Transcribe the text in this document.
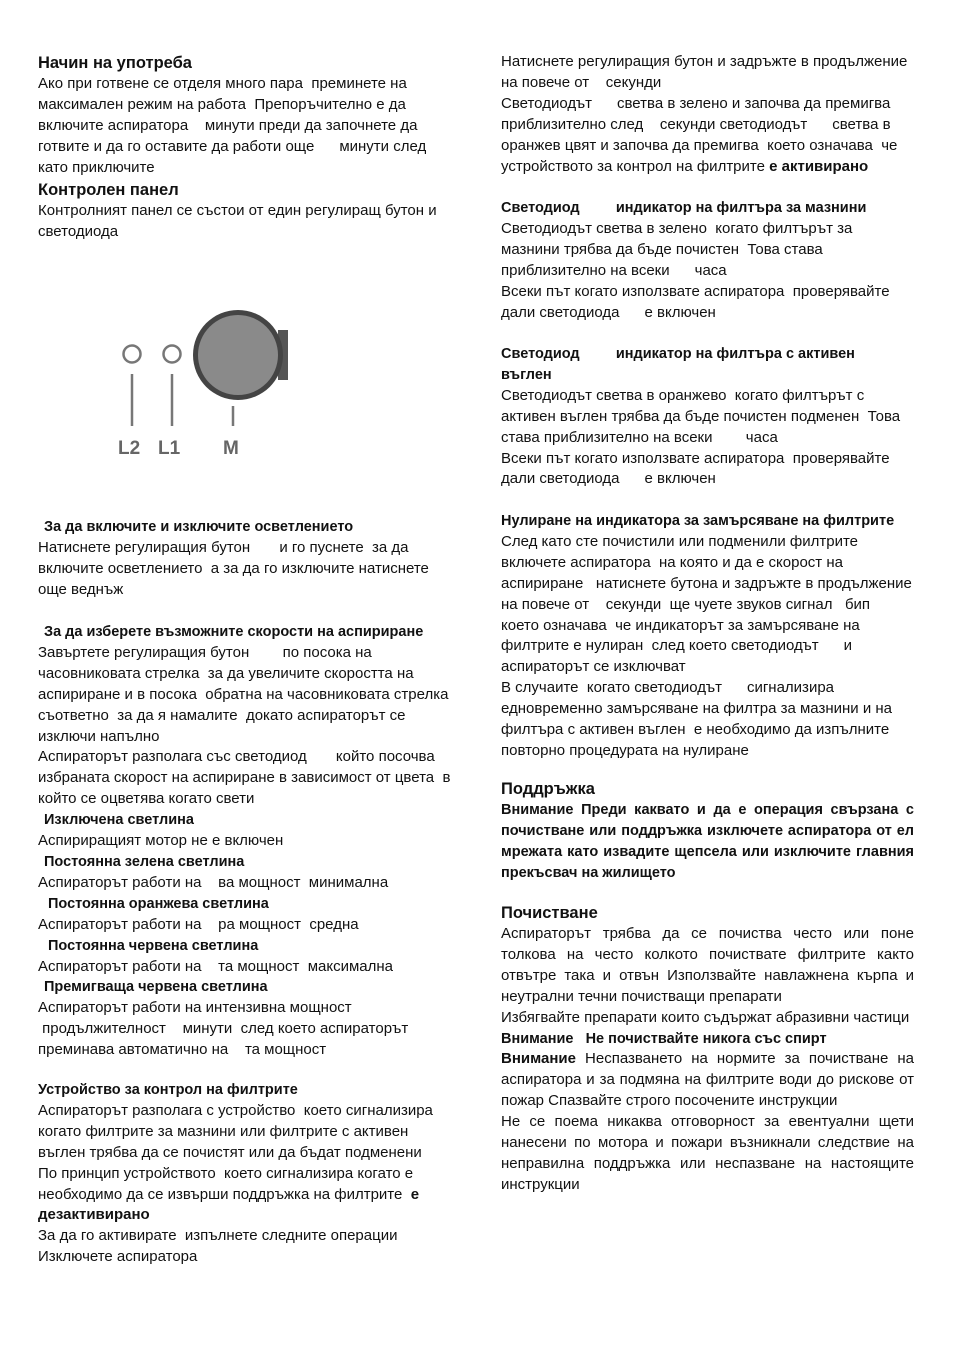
Начин на употреба
Ако при готвене се отделя много пара  преминете на
максимален режим на работа  Препоръчително е да
включите аспиратора    минути преди да започнете да
готвите и да го оставите да работи още      минути след
като приключите
Контролен панел
Контролният панел се състои от един регулиращ бутон и
светодиода
L2 L1 M
За да включите и изключите осветлението
Натиснете регулиращия бутон       и го пуснете  за да
включите осветлението  а за да го изключите натиснете
още веднъж
За да изберете възможните скорости на аспириране
Завъртете регулиращия бутон        по посока на
часовниковата стрелка  за да увеличите скоростта на
аспириране и в посока  обратна на часовниковата стрелка
съответно  за да я намалите  докато аспираторът се
изключи напълно
Аспираторът разполага със светодиод       който посочва
избраната скорост на аспириране в зависимост от цвета  в
който се оцветява когато свети
Изключена светлина
Аспирирaщият мотор не е включен
Постоянна зелена светлина
Аспираторът работи на    ва мощност  минимална
Постоянна оранжева светлина
Аспираторът работи на    ра мощност  средна
Постоянна червена светлина
Аспираторът работи на    та мощност  максимална
Премигваща червена светлина
Аспираторът работи на интензивна мощност
продължителност    минути  след което аспираторът
преминава автоматично на    та мощност
Устройство за контрол на филтрите
Аспираторът разполага с устройство  което сигнализира
когато филтрите за мазнини или филтрите с активен
въглен трябва да се почистят или да бъдат подменени
По принцип устройството  което сигнализира когато е
необходимо да се извърши поддръжка на филтрите  е
дезактивирано
За да го активирате  изпълнете следните операции
Изключете аспиратора
Натиснете регулиращия бутон и задръжте в продължение
на повече от    секунди
Светодиодът      светва в зелено и започва да премигва
приблизително след    секунди светодиодът      светва в
оранжев цвят и започва да премигва  което означава  че
устройството за контрол на филтрите е активирано
Светодиод         индикатор на филтъра за мазнини
Светодиодът светва в зелено  когато филтърът за
мазнини трябва да бъде почистен  Това става
приблизително на всеки      часа
Всеки път когато използвате аспиратора  проверявайте
дали светодиода      е включен
Светодиод         индикатор на филтъра с активен
въглен
Светодиодът светва в оранжево  когато филтърът с
активен въглен трябва да бъде почистен подменен  Това
става приблизително на всеки        часа
Всеки път когато използвате аспиратора  проверявайте
дали светодиода      е включен
Нулиране на индикатора за замърсяване на филтрите
След като сте почистили или подменили филтрите
включете аспиратора  на която и да е скорост на
аспириране   натиснете бутона и задръжте в продължение
на повече от    секунди  ще чуете звуков сигнал   бип
което означава  че индикаторът за замърсяване на
филтрите е нулиран  след което светодиодът      и
аспираторът се изключват
В случаите  когато светодиодът      сигнализира
едновременно замърсяване на филтра за мазнини и на
филтъра с активен въглен  е необходимо да изпълните
повторно процедурата на нулиране
Поддръжка
Внимание Преди каквато и да е операция свързана с почистване или поддръжка изключете аспиратора от ел мрежата като извадите щепсела или изключите главния прекъсвач на жилището
Почистване
Аспираторът трябва да се почиства често или поне толкова на често колкото почиствате филтрите както отвътре така и отвън Използвайте навлажнена кърпа и неутрални течни почистващи препарати
Избягвайте препарати които съдържат абразивни частици
Внимание   Не почиствайте никога със спирт
Внимание Неспазването на нормите за почистване на аспиратора и за подмяна на филтрите води до рискове от пожар Спазвайте строго посочените инструкции
Не се поема никаква отговорност за евентуални щети нанесени по мотора и пожари възникнали следствие на неправилна поддръжка или неспазване на настоящите инструкции
